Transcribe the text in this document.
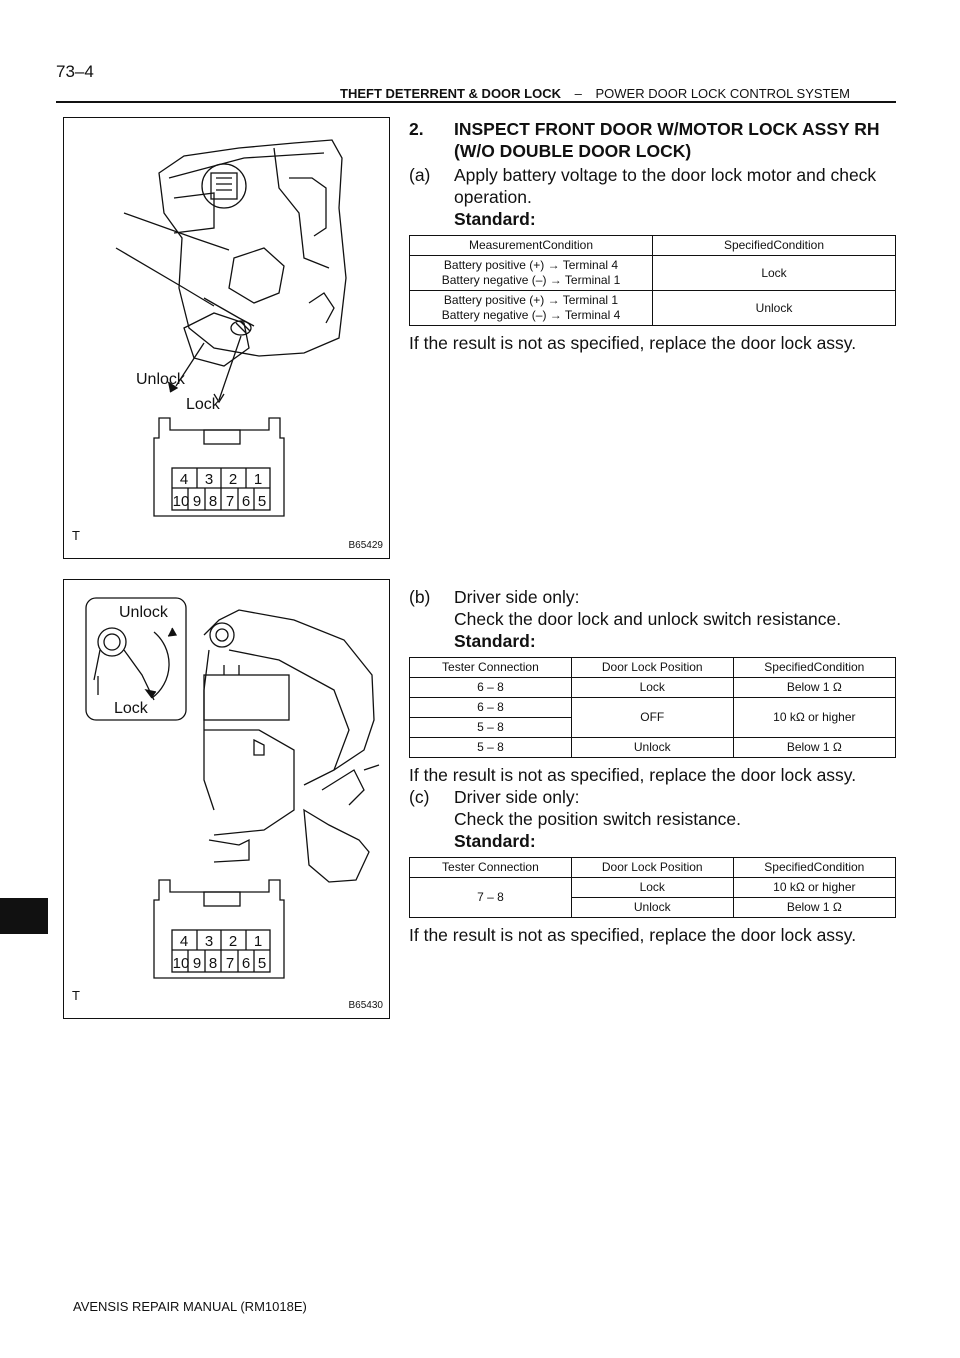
73–4
THEFT DETERRENT & DOOR LOCK – POWER DOOR LOCK CONTROL SYSTEM
4 3 2 1
10 9 8 7 6 5
Unlock
Lock
T
B65429
4 3 2 1
10 9 8 7 6 5
Unlock
Lock
T
B65430
2. INSPECT FRONT DOOR W/MOTOR LOCK ASSY RH
(W/O DOUBLE DOOR LOCK)
(a) Apply battery voltage to the door lock motor and check
operation.
Standard:
MeasurementCondition	SpecifiedCondition

Battery positive (+) → Terminal 4
Battery negative (–) → Terminal 1	Lock

Battery positive (+) → Terminal 1
Battery negative (–) → Terminal 4	Unlock
If the result is not as specified, replace the door lock assy.
(b) Driver side only:
Check the door lock and unlock switch resistance.
Standard:
Tester Connection	Door Lock Position	SpecifiedCondition
6 – 8	Lock	Below 1 Ω
6 – 8	OFF	10 kΩ or higher
5 – 8		
5 – 8	Unlock	Below 1 Ω
If the result is not as specified, replace the door lock assy.
(c) Driver side only:
Check the position switch resistance.
Standard:
Tester Connection	Door Lock Position	SpecifiedCondition
7 – 8	Lock	10 kΩ or higher
	Unlock	Below 1 Ω
If the result is not as specified, replace the door lock assy.
AVENSIS REPAIR MANUAL (RM1018E)
